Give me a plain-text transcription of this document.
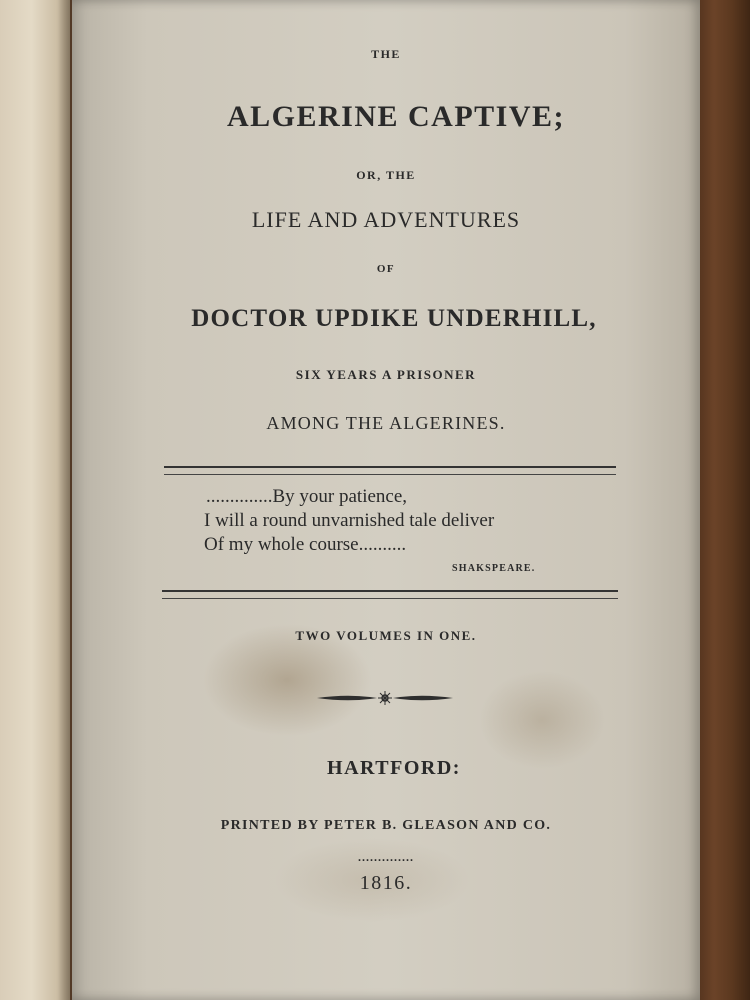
THE
ALGERINE CAPTIVE;
OR, THE
LIFE AND ADVENTURES
OF
DOCTOR UPDIKE UNDERHILL,
SIX YEARS A PRISONER
AMONG THE ALGERINES.
..............By your patience,
I will a round unvarnished tale deliver
Of my whole course..........
SHAKSPEARE.
TWO VOLUMES IN ONE.
HARTFORD:
PRINTED BY PETER B. GLEASON AND CO.
..............
1816.
